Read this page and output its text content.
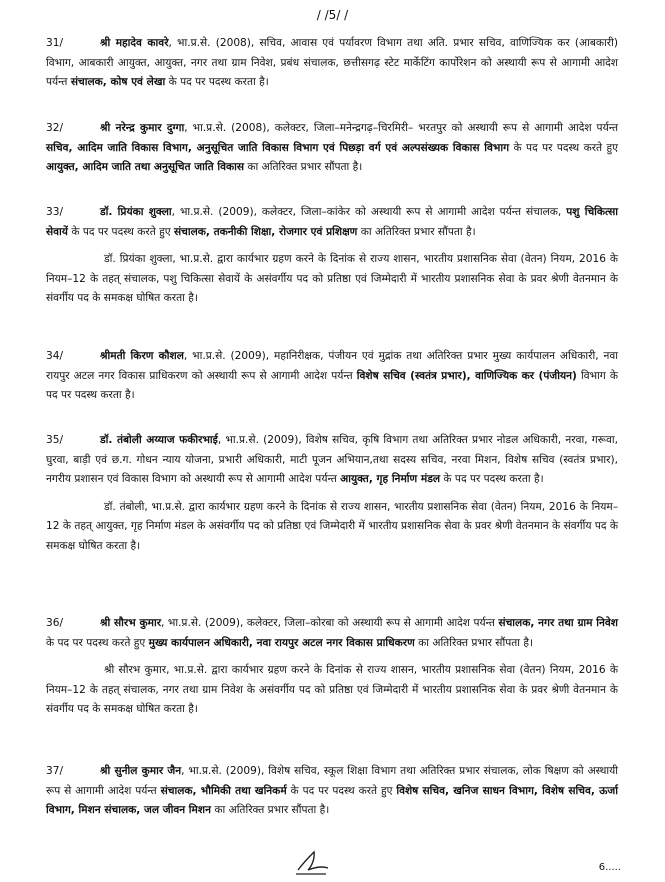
/ /5/ /

31/	श्री महादेव कावरे, भा.प्र.से. (2008), सचिव, आवास एवं पर्यावरण विभाग तथा अति. प्रभार सचिव, वाणिज्यिक कर (आबकारी) विभाग, आबकारी आयुक्त, आयुक्त, नगर तथा ग्राम निवेश, प्रबंध संचालक, छत्तीसगढ़ स्टेट मार्केटिंग कार्पोरेशन को अस्थायी रूप से आगामी आदेश पर्यन्त संचालक, कोष एवं लेखा के पद पर पदस्थ करता है।

32/	श्री नरेन्द्र कुमार दुग्गा, भा.प्र.से. (2008), कलेक्टर, जिला–मनेन्द्रगढ़–चिरमिरी– भरतपुर को अस्थायी रूप से आगामी आदेश पर्यन्त सचिव, आदिम जाति विकास विभाग, अनुसूचित जाति विकास विभाग एवं पिछड़ा वर्ग एवं अल्पसंख्यक विकास विभाग के पद पर पदस्थ करते हुए आयुक्त, आदिम जाति तथा अनुसूचित जाति विकास का अतिरिक्त प्रभार सौंपता है।

33/	डॉ. प्रियंका शुक्ला, भा.प्र.से. (2009), कलेक्टर, जिला–कांकेर को अस्थायी रूप से आगामी आदेश पर्यन्त संचालक, पशु चिकित्सा सेवायें के पद पर पदस्थ करते हुए संचालक, तकनीकी शिक्षा, रोजगार एवं प्रशिक्षण का अतिरिक्त प्रभार सौंपता है।

डॉ. प्रियंका शुक्ला, भा.प्र.से. द्वारा कार्यभार ग्रहण करने के दिनांक से राज्य शासन, भारतीय प्रशासनिक सेवा (वेतन) नियम, 2016 के नियम–12 के तहत् संचालक, पशु चिकित्सा सेवायें के असंवर्गीय पद को प्रतिष्ठा एवं जिम्मेदारी में भारतीय प्रशासनिक सेवा के प्रवर श्रेणी वेतनमान के संवर्गीय पद के समकक्ष घोषित करता है।

34/	श्रीमती किरण कौशल, भा.प्र.से. (2009), महानिरीक्षक, पंजीयन एवं मुद्रांक तथा अतिरिक्त प्रभार मुख्य कार्यपालन अधिकारी, नवा रायपुर अटल नगर विकास प्राधिकरण को अस्थायी रूप से आगामी आदेश पर्यन्त विशेष सचिव (स्वतंत्र प्रभार), वाणिज्यिक कर (पंजीयन) विभाग के पद पर पदस्थ करता है।

35/	डॉ. तंबोली अय्याज फकीरभाई, भा.प्र.से. (2009), विशेष सचिव, कृषि विभाग तथा अतिरिक्त प्रभार नोडल अधिकारी, नरवा, गरूवा, घुरवा, बाड़ी एवं छ.ग. गोधन न्याय योजना, प्रभारी अधिकारी, माटी पूजन अभियान,तथा सदस्य सचिव, नरवा मिशन, विशेष सचिव (स्वतंत्र प्रभार), नगरीय प्रशासन एवं विकास विभाग को अस्थायी रूप से आगामी आदेश पर्यन्त आयुक्त, गृह निर्माण मंडल के पद पर पदस्थ करता है।

डॉ. तंबोली, भा.प्र.से. द्वारा कार्यभार ग्रहण करने के दिनांक से राज्य शासन, भारतीय प्रशासनिक सेवा (वेतन) नियम, 2016 के नियम–12 के तहत् आयुक्त, गृह निर्माण मंडल के असंवर्गीय पद को प्रतिष्ठा एवं जिम्मेदारी में भारतीय प्रशासनिक सेवा के प्रवर श्रेणी वेतनमान के संवर्गीय पद के समकक्ष घोषित करता है।

36/	श्री सौरभ कुमार, भा.प्र.से. (2009), कलेक्टर, जिला–कोरबा को अस्थायी रूप से आगामी आदेश पर्यन्त संचालक, नगर तथा ग्राम निवेश के पद पर पदस्थ करते हुए मुख्य कार्यपालन अधिकारी, नवा रायपुर अटल नगर विकास प्राधिकरण का अतिरिक्त प्रभार सौंपता है।

श्री सौरभ कुमार, भा.प्र.से. द्वारा कार्यभार ग्रहण करने के दिनांक से राज्य शासन, भारतीय प्रशासनिक सेवा (वेतन) नियम, 2016 के नियम–12 के तहत् संचालक, नगर तथा ग्राम निवेश के असंवर्गीय पद को प्रतिष्ठा एवं जिम्मेदारी में भारतीय प्रशासनिक सेवा के प्रवर श्रेणी वेतनमान के संवर्गीय पद के समकक्ष घोषित करता है।

37/	श्री सुनील कुमार जैन, भा.प्र.से. (2009), विशेष सचिव, स्कूल शिक्षा विभाग तथा अतिरिक्त प्रभार संचालक, लोक षिक्षण को अस्थायी रूप से आगामी आदेश पर्यन्त संचालक, भौमिकी तथा खनिकर्म के पद पर पदस्थ करते हुए विशेष सचिव, खनिज साधन विभाग, विशेष सचिव, ऊर्जा विभाग, मिशन संचालक, जल जीवन मिशन का अतिरिक्त प्रभार सौंपता है।

6.....
